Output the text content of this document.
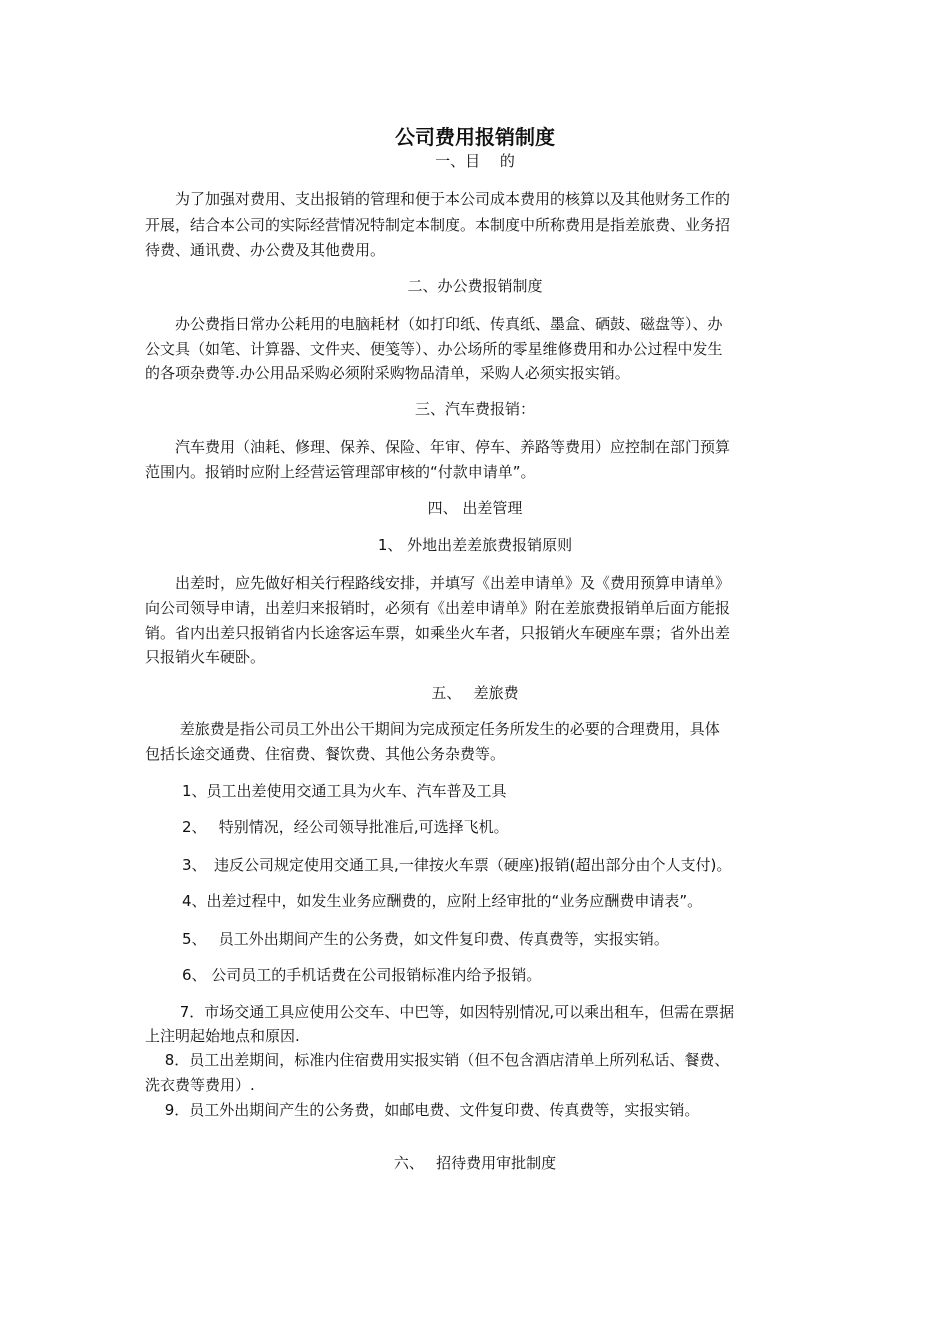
公司费用报销制度
一、目　 的
　　为了加强对费用、支出报销的管理和便于本公司成本费用的核算以及其他财务工作的
开展，结合本公司的实际经营情况特制定本制度。本制度中所称费用是指差旅费、业务招
待费、通讯费、办公费及其他费用。
二、办公费报销制度
　　办公费指日常办公耗用的电脑耗材（如打印纸、传真纸、墨盒、硒鼓、磁盘等）、办
公文具（如笔、计算器、文件夹、便笺等）、办公场所的零星维修费用和办公过程中发生
的各项杂费等.办公用品采购必须附采购物品清单，采购人必须实报实销。
三、汽车费报销：
　　汽车费用（油耗、修理、保养、保险、年审、停车、养路等费用）应控制在部门预算
范围内。报销时应附上经营运管理部审核的“付款申请单”。
四、 出差管理
1、 外地出差差旅费报销原则
　　出差时，应先做好相关行程路线安排，并填写《出差申请单》及《费用预算申请单》
向公司领导申请，出差归来报销时，必须有《出差申请单》附在差旅费报销单后面方能报
销。省内出差只报销省内长途客运车票，如乘坐火车者，只报销火车硬座车票；省外出差
只报销火车硬卧。
五、　 差旅费
　　 差旅费是指公司员工外出公干期间为完成预定任务所发生的必要的合理费用，具体
包括长途交通费、住宿费、餐饮费、其他公务杂费等。
1、员工出差使用交通工具为火车、汽车普及工具
2、　 特别情况，经公司领导批准后,可选择飞机。
3、　违反公司规定使用交通工具,一律按火车票（硬座)报销(超出部分由个人支付)。
4、出差过程中，如发生业务应酬费的，应附上经审批的“业务应酬费申请表”。
5、　 员工外出期间产生的公务费，如文件复印费、传真费等，实报实销。
6、 公司员工的手机话费在公司报销标准内给予报销。
　　 7．市场交通工具应使用公交车、中巴等，如因特别情况,可以乘出租车，但需在票据
上注明起始地点和原因.
　 8．员工出差期间，标准内住宿费用实报实销（但不包含酒店清单上所列私话、餐费、
洗衣费等费用）.
　 9．员工外出期间产生的公务费，如邮电费、文件复印费、传真费等，实报实销。
六、　 招待费用审批制度
